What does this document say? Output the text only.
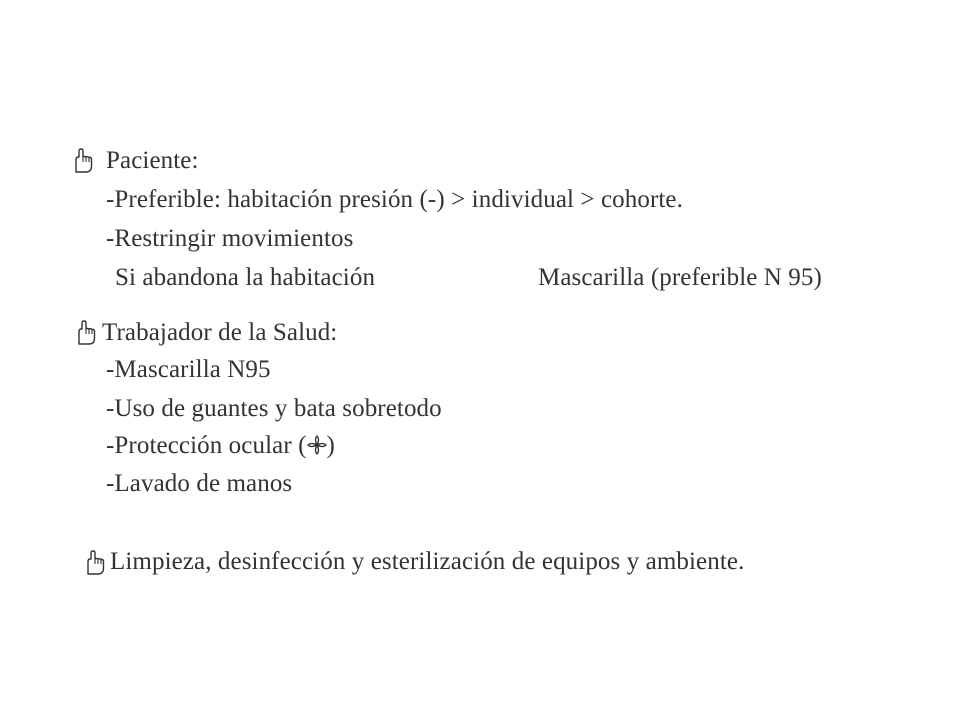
Paciente:
-Preferible: habitación presión (-) > individual > cohorte.
-Restringir movimientos
Si abandona la habitación	Mascarilla (preferible N 95)
Trabajador de la Salud:
-Mascarilla N95
-Uso de guantes y bata sobretodo
-Protección ocular ( )
-Lavado de manos
Limpieza, desinfección y esterilización de equipos y ambiente.
